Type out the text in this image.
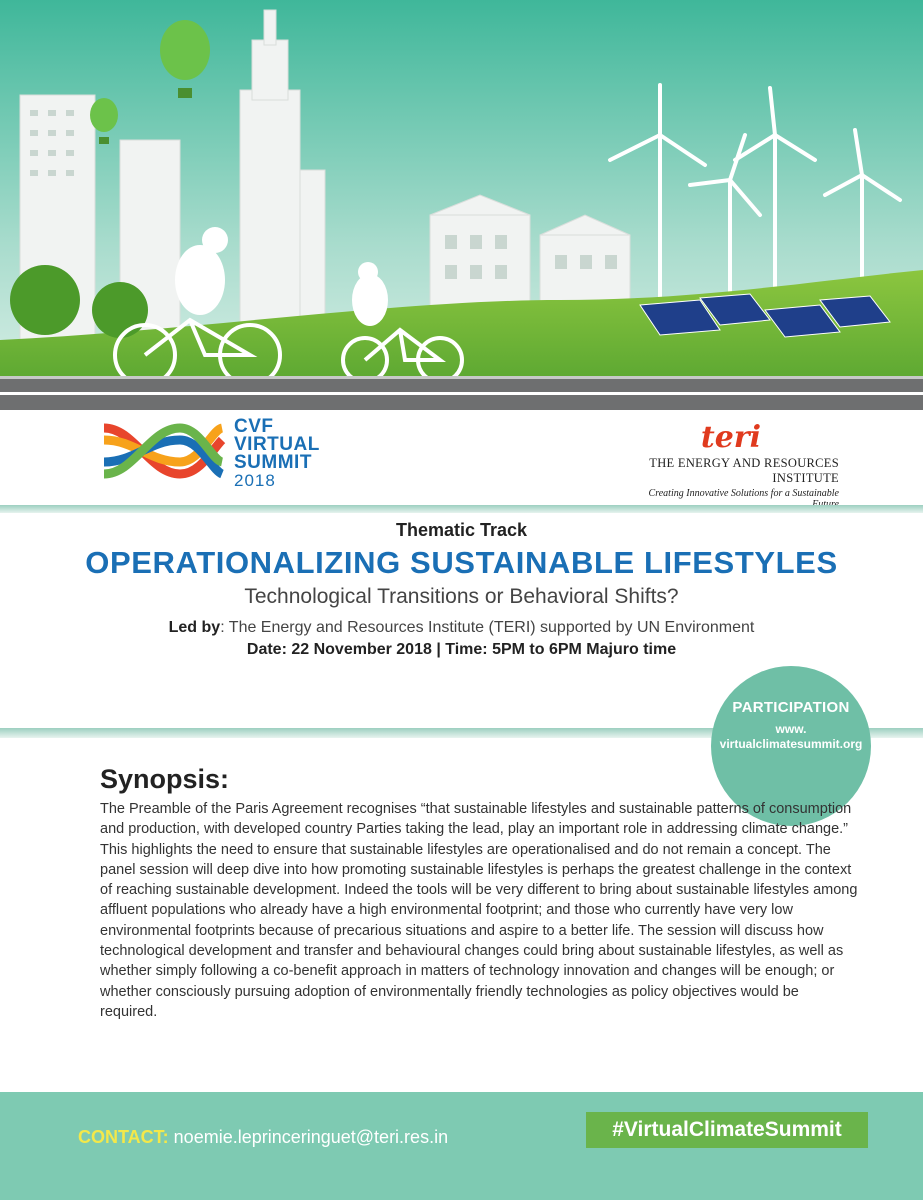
CVF
VIRTUAL
SUMMIT
2018
teri
THE ENERGY AND RESOURCES INSTITUTE
Creating Innovative Solutions for a Sustainable
Thematic Track
OPERATIONALIZING SUSTAINABLE LIFESTYLES
Technological Transitions or Behavioral Shifts?
Led by: The Energy and Resources Institute (TERI) supported by UN Environment
Date: 22 November 2018 | Time: 5PM to 6PM Majuro time
PARTICIPATION
www.
virtualclimatesummit.org
Synopsis:
The Preamble of the Paris Agreement recognises “that sustainable lifestyles and sustainable patterns of consumption and production, with developed country Parties taking the lead, play an important role in addressing climate change.” This highlights the need to ensure that sustainable lifestyles are operationalised and do not remain a concept. The panel session will deep dive into how promoting sustainable lifestyles is perhaps the greatest challenge in the context of reaching sustainable development. Indeed the tools will be very different to bring about sustainable lifestyles among affluent populations who already have a high environmental footprint; and those who currently have very low environmental footprints because of precarious situations and aspire to a better life. The session will discuss how technological development and transfer and behavioural changes could bring about sustainable lifestyles, as well as whether simply following a co-benefit approach in matters of technology innovation and changes will be enough; or whether consciously pursuing adoption of environmentally friendly technologies as policy objectives would be required.
CONTACT: noemie.leprinceringuet@teri.res.in	#VirtualClimateSummit
